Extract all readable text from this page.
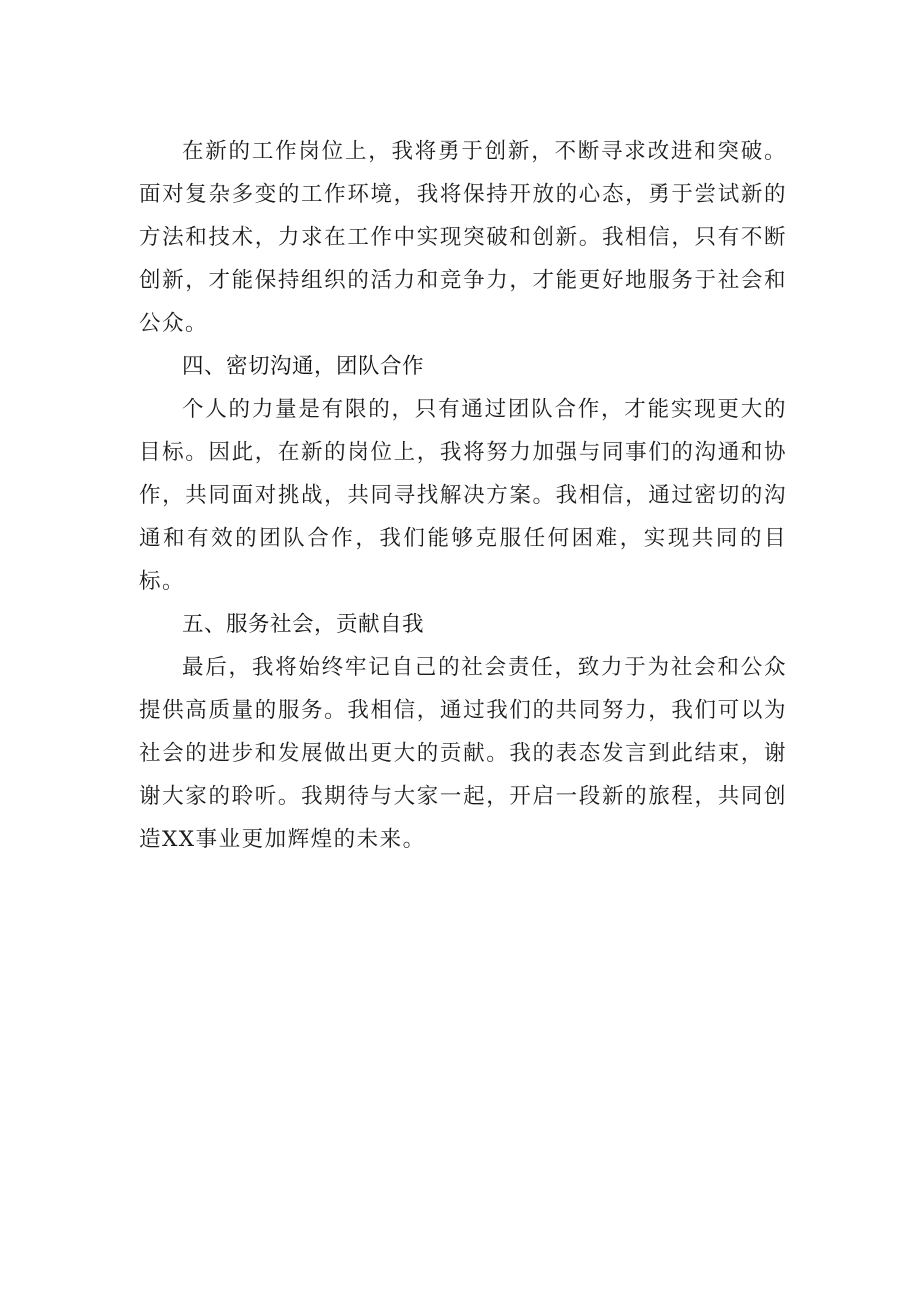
在新的工作岗位上，我将勇于创新，不断寻求改进和突破。面对复杂多变的工作环境，我将保持开放的心态，勇于尝试新的方法和技术，力求在工作中实现突破和创新。我相信，只有不断创新，才能保持组织的活力和竞争力，才能更好地服务于社会和公众。

四、密切沟通，团队合作

个人的力量是有限的，只有通过团队合作，才能实现更大的目标。因此，在新的岗位上，我将努力加强与同事们的沟通和协作，共同面对挑战，共同寻找解决方案。我相信，通过密切的沟通和有效的团队合作，我们能够克服任何困难，实现共同的目标。

五、服务社会，贡献自我

最后，我将始终牢记自己的社会责任，致力于为社会和公众提供高质量的服务。我相信，通过我们的共同努力，我们可以为社会的进步和发展做出更大的贡献。我的表态发言到此结束，谢谢大家的聆听。我期待与大家一起，开启一段新的旅程，共同创造XX事业更加辉煌的未来。
